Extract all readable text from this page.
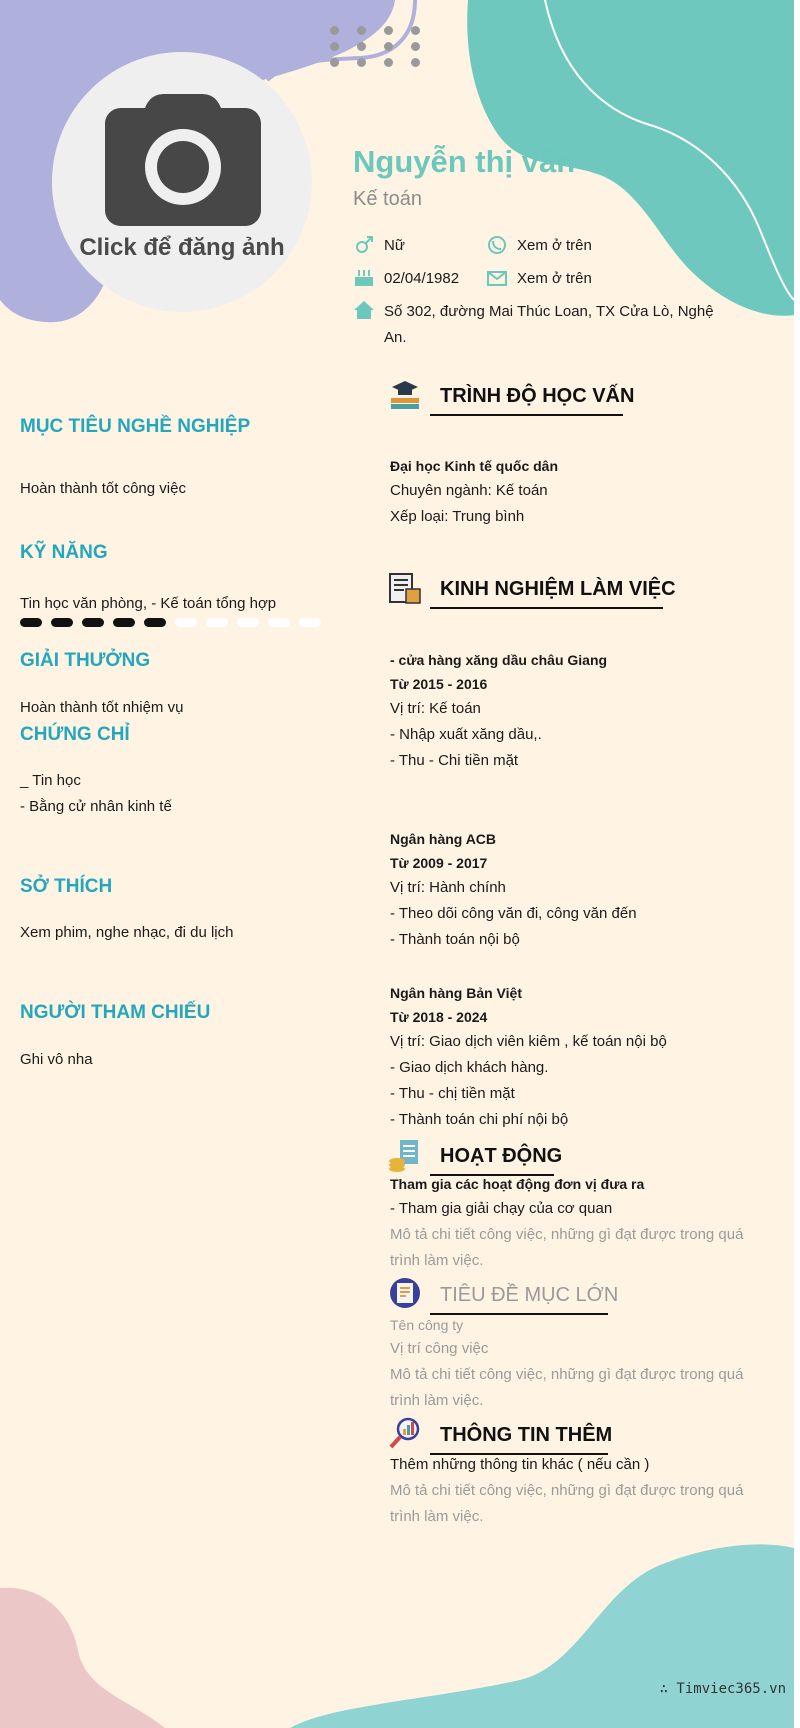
Click để đăng ảnh
Nguyễn thị vân
Kế toán
Nữ	Xem ở trên
02/04/1982	Xem ở trên
Số 302, đường Mai Thúc Loan, TX Cửa Lò, Nghệ
An.
MỤC TIÊU NGHỀ NGHIỆP
Hoàn thành tốt công việc
KỸ NĂNG
Tin học văn phòng, - Kế toán tổng hợp
GIẢI THƯỞNG
Hoàn thành tốt nhiệm vụ
CHỨNG CHỈ
_ Tin học
- Bằng cử nhân kinh tế
SỞ THÍCH
Xem phim, nghe nhạc, đi du lịch
NGƯỜI THAM CHIẾU
Ghi vô nha
TRÌNH ĐỘ HỌC VẤN
Đại học Kinh tế quốc dân
Chuyên ngành: Kế toán
Xếp loại: Trung bình
KINH NGHIỆM LÀM VIỆC
- cửa hàng xăng dầu châu Giang
Từ 2015 - 2016
Vị trí: Kế toán
- Nhập xuất xăng dầu,.
- Thu - Chi tiền mặt
Ngân hàng ACB
Từ 2009 - 2017
Vị trí: Hành chính
- Theo dõi công văn đi, công văn đến
- Thành toán nội bộ
Ngân hàng Bản Việt
Từ 2018 - 2024
Vị trí: Giao dịch viên kiêm , kế toán nội bộ
- Giao dịch khách hàng.
- Thu - chị tiền mặt
- Thành toán chi phí nội bộ
HOẠT ĐỘNG
Tham gia các hoạt động đơn vị đưa ra
- Tham gia giải chạy của cơ quan
Mô tả chi tiết công việc, những gì đạt được trong quá
trình làm việc.
TIÊU ĐỀ MỤC LỚN
Tên công ty
Vị trí công việc
Mô tả chi tiết công việc, những gì đạt được trong quá
trình làm việc.
THÔNG TIN THÊM
Thêm những thông tin khác ( nếu cần )
Mô tả chi tiết công việc, những gì đạt được trong quá
trình làm việc.
∴ Timviec365.vn
